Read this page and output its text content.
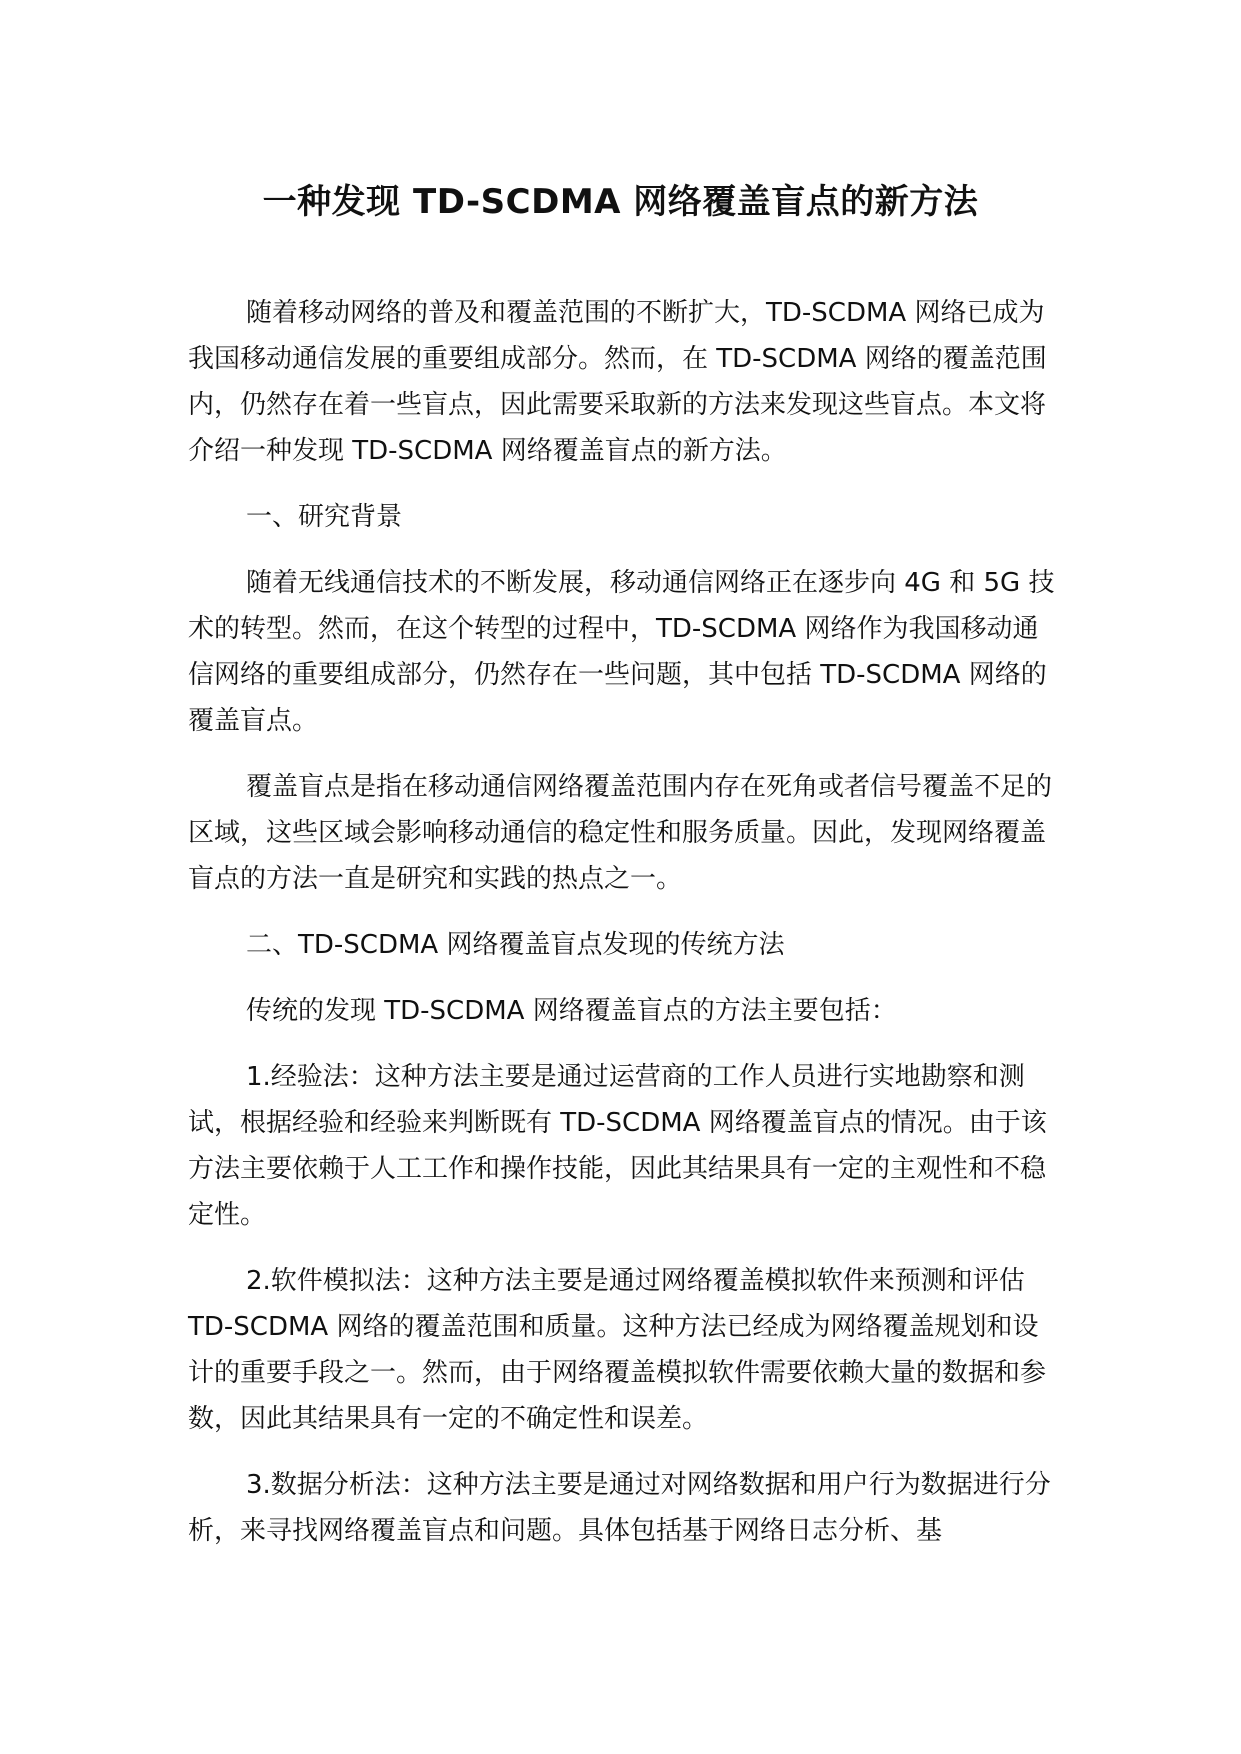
一种发现 TD-SCDMA 网络覆盖盲点的新方法

随着移动网络的普及和覆盖范围的不断扩大，TD-SCDMA 网络已成为我国移动通信发展的重要组成部分。然而，在 TD-SCDMA 网络的覆盖范围内，仍然存在着一些盲点，因此需要采取新的方法来发现这些盲点。本文将介绍一种发现 TD-SCDMA 网络覆盖盲点的新方法。

一、研究背景

随着无线通信技术的不断发展，移动通信网络正在逐步向 4G 和 5G 技术的转型。然而，在这个转型的过程中，TD-SCDMA 网络作为我国移动通信网络的重要组成部分，仍然存在一些问题，其中包括 TD-SCDMA 网络的覆盖盲点。

覆盖盲点是指在移动通信网络覆盖范围内存在死角或者信号覆盖不足的区域，这些区域会影响移动通信的稳定性和服务质量。因此，发现网络覆盖盲点的方法一直是研究和实践的热点之一。

二、TD-SCDMA 网络覆盖盲点发现的传统方法

传统的发现 TD-SCDMA 网络覆盖盲点的方法主要包括：

1.经验法：这种方法主要是通过运营商的工作人员进行实地勘察和测试，根据经验和经验来判断既有 TD-SCDMA 网络覆盖盲点的情况。由于该方法主要依赖于人工工作和操作技能，因此其结果具有一定的主观性和不稳定性。

2.软件模拟法：这种方法主要是通过网络覆盖模拟软件来预测和评估 TD-SCDMA 网络的覆盖范围和质量。这种方法已经成为网络覆盖规划和设计的重要手段之一。然而，由于网络覆盖模拟软件需要依赖大量的数据和参数，因此其结果具有一定的不确定性和误差。

3.数据分析法：这种方法主要是通过对网络数据和用户行为数据进行分析，来寻找网络覆盖盲点和问题。具体包括基于网络日志分析、基
